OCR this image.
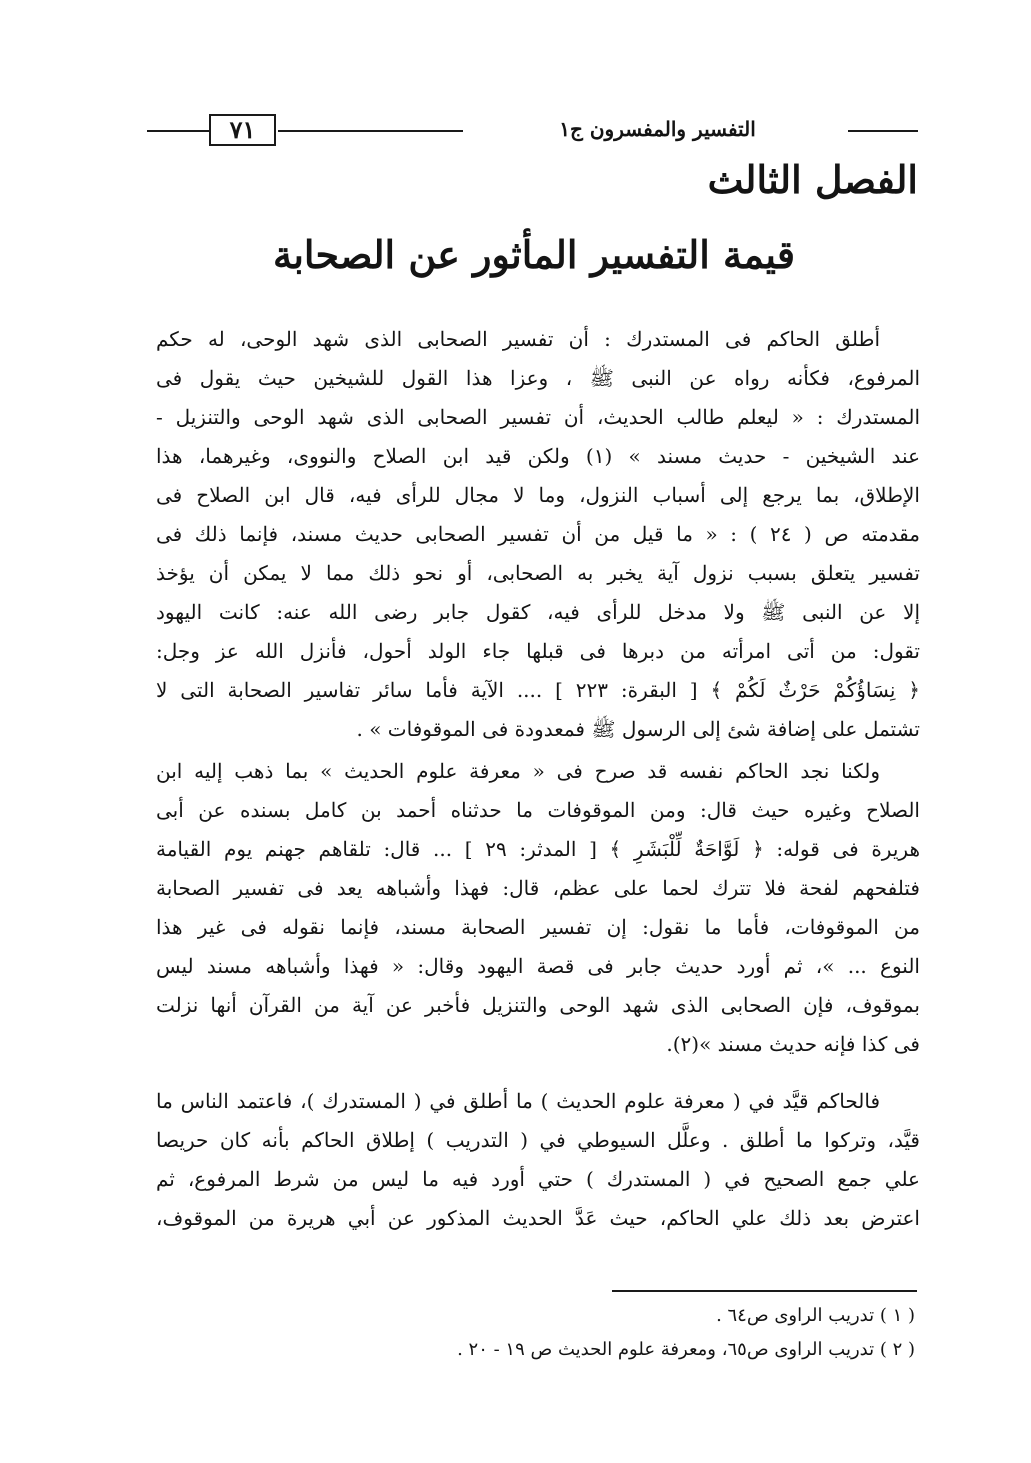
٧١	التفسير والمفسرون ج١
الفصل الثالث
قيمة التفسير المأثور عن الصحابة
أطلق الحاكم فى المستدرك : أن تفسير الصحابى الذى شهد الوحى، له حكم
المرفوع، فكأنه رواه عن النبى ﷺ ، وعزا هذا القول للشيخين حيث يقول فى
المستدرك : « ليعلم طالب الحديث، أن تفسير الصحابى الذى شهد الوحى والتنزيل -
عند الشيخين - حديث مسند » (١) ولكن قيد ابن الصلاح والنووى، وغيرهما، هذا
الإطلاق، بما يرجع إلى أسباب النزول، وما لا مجال للرأى فيه، قال ابن الصلاح فى
مقدمته ص ( ٢٤ ) : « ما قيل من أن تفسير الصحابى حديث مسند، فإنما ذلك فى
تفسير يتعلق بسبب نزول آية يخبر به الصحابى، أو نحو ذلك مما لا يمكن أن يؤخذ
إلا عن النبى ﷺ ولا مدخل للرأى فيه، كقول جابر رضى الله عنه: كانت اليهود
تقول: من أتى امرأته من دبرها فى قبلها جاء الولد أحول، فأنزل الله عز وجل:
﴿ نِسَاؤُكُمْ حَرْثٌ لَكُمْ ﴾ [ البقرة: ٢٢٣ ] .... الآية فأما سائر تفاسير الصحابة التى لا
تشتمل على إضافة شئ إلى الرسول ﷺ فمعدودة فى الموقوفات » .
ولكنا نجد الحاكم نفسه قد صرح فى « معرفة علوم الحديث » بما ذهب إليه ابن
الصلاح وغيره حيث قال: ومن الموقوفات ما حدثناه أحمد بن كامل بسنده عن أبى
هريرة فى قوله: ﴿ لَوَّاحَةٌ لِّلْبَشَرِ ﴾ [ المدثر: ٢٩ ] ... قال: تلقاهم جهنم يوم القيامة
فتلفحهم لفحة فلا تترك لحما على عظم، قال: فهذا وأشباهه يعد فى تفسير الصحابة
من الموقوفات، فأما ما نقول: إن تفسير الصحابة مسند، فإنما نقوله فى غير هذا
النوع ... »، ثم أورد حديث جابر فى قصة اليهود وقال: « فهذا وأشباهه مسند ليس
بموقوف، فإن الصحابى الذى شهد الوحى والتنزيل فأخبر عن آية من القرآن أنها نزلت
فى كذا فإنه حديث مسند »(٢).
فالحاكم قيَّد في ( معرفة علوم الحديث ) ما أطلق في ( المستدرك )، فاعتمد الناس ما
قيَّد، وتركوا ما أطلق . وعلَّل السيوطي في ( التدريب ) إطلاق الحاكم بأنه كان حريصا
علي جمع الصحيح في ( المستدرك ) حتي أورد فيه ما ليس من شرط المرفوع، ثم
اعترض بعد ذلك علي الحاكم، حيث عَدَّ الحديث المذكور عن أبي هريرة من الموقوف،
( ١ ) تدريب الراوى ص٦٤ .
( ٢ ) تدريب الراوى ص٦٥، ومعرفة علوم الحديث ص ١٩ - ٢٠ .
